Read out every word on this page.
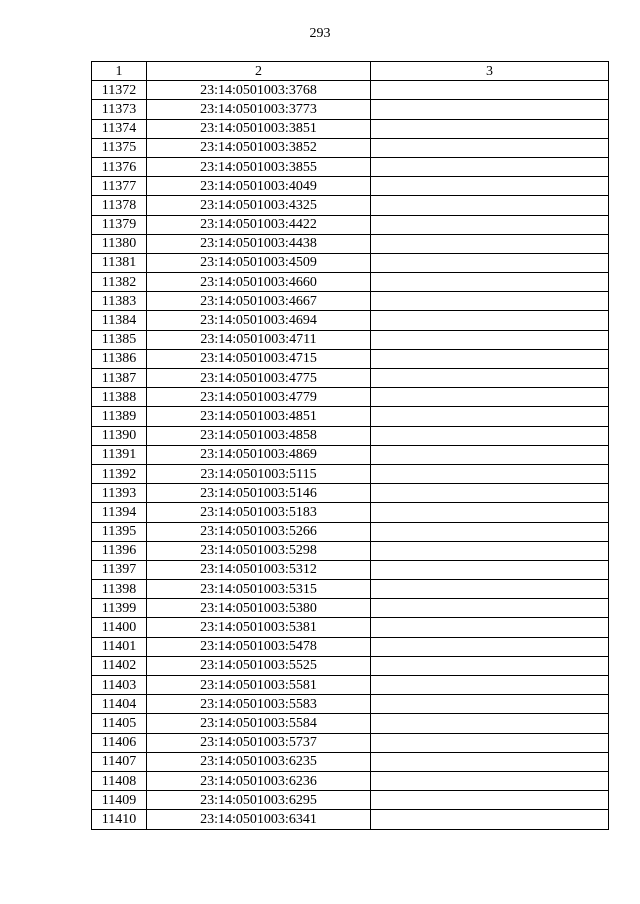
293
1	2	3
11372	23:14:0501003:3768	
11373	23:14:0501003:3773	
11374	23:14:0501003:3851	
11375	23:14:0501003:3852	
11376	23:14:0501003:3855	
11377	23:14:0501003:4049	
11378	23:14:0501003:4325	
11379	23:14:0501003:4422	
11380	23:14:0501003:4438	
11381	23:14:0501003:4509	
11382	23:14:0501003:4660	
11383	23:14:0501003:4667	
11384	23:14:0501003:4694	
11385	23:14:0501003:4711	
11386	23:14:0501003:4715	
11387	23:14:0501003:4775	
11388	23:14:0501003:4779	
11389	23:14:0501003:4851	
11390	23:14:0501003:4858	
11391	23:14:0501003:4869	
11392	23:14:0501003:5115	
11393	23:14:0501003:5146	
11394	23:14:0501003:5183	
11395	23:14:0501003:5266	
11396	23:14:0501003:5298	
11397	23:14:0501003:5312	
11398	23:14:0501003:5315	
11399	23:14:0501003:5380	
11400	23:14:0501003:5381	
11401	23:14:0501003:5478	
11402	23:14:0501003:5525	
11403	23:14:0501003:5581	
11404	23:14:0501003:5583	
11405	23:14:0501003:5584	
11406	23:14:0501003:5737	
11407	23:14:0501003:6235	
11408	23:14:0501003:6236	
11409	23:14:0501003:6295	
11410	23:14:0501003:6341	
